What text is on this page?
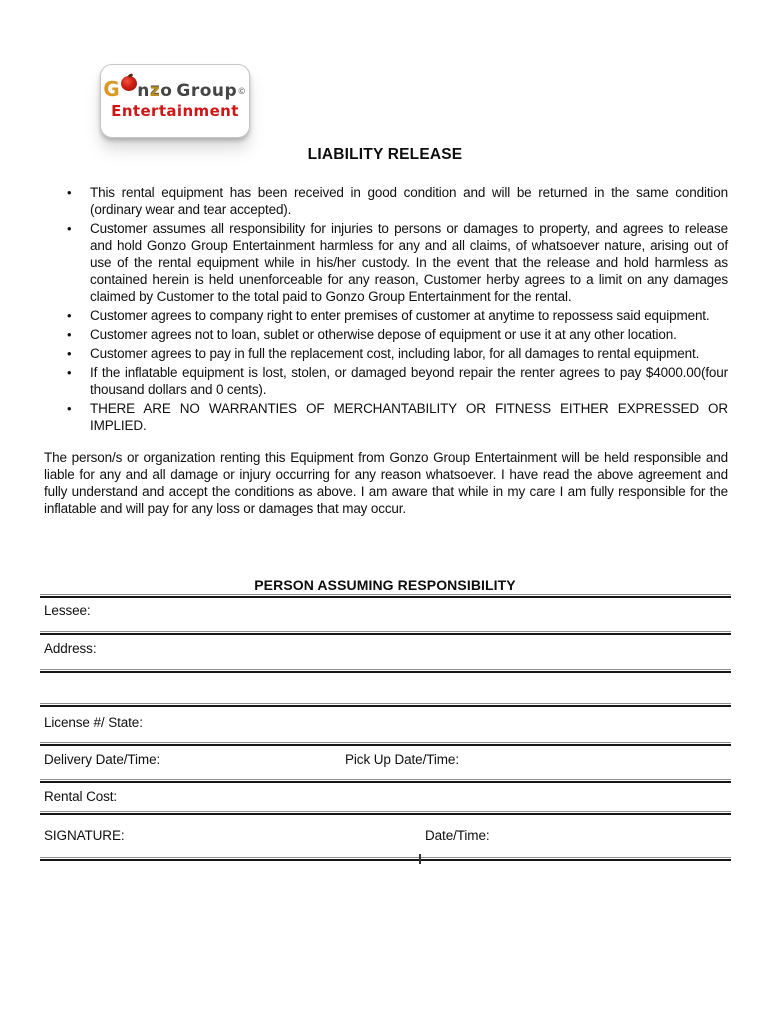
G nzo Group©
Entertainment
LIABILITY RELEASE
• This rental equipment has been received in good condition and will be returned in the same condition (ordinary wear and tear accepted).
• Customer assumes all responsibility for injuries to persons or damages to property, and agrees to release and hold Gonzo Group Entertainment harmless for any and all claims, of whatsoever nature, arising out of use of the rental equipment while in his/her custody. In the event that the release and hold harmless as contained herein is held unenforceable for any reason, Customer herby agrees to a limit on any damages claimed by Customer to the total paid to Gonzo Group Entertainment for the rental.
• Customer agrees to company right to enter premises of customer at anytime to repossess said equipment.
• Customer agrees not to loan, sublet or otherwise depose of equipment or use it at any other location.
• Customer agrees to pay in full the replacement cost, including labor, for all damages to rental equipment.
• If the inflatable equipment is lost, stolen, or damaged beyond repair the renter agrees to pay $4000.00(four thousand dollars and 0 cents).
• THERE ARE NO WARRANTIES OF MERCHANTABILITY OR FITNESS EITHER EXPRESSED OR IMPLIED.
The person/s or organization renting this Equipment from Gonzo Group Entertainment will be held responsible and liable for any and all damage or injury occurring for any reason whatsoever. I have read the above agreement and fully understand and accept the conditions as above. I am aware that while in my care I am fully responsible for the inflatable and will pay for any loss or damages that may occur.
PERSON ASSUMING RESPONSIBILITY
Lessee:
Address:
License #/ State:
Delivery Date/Time:	Pick Up Date/Time:
Rental Cost:
SIGNATURE:	Date/Time:
